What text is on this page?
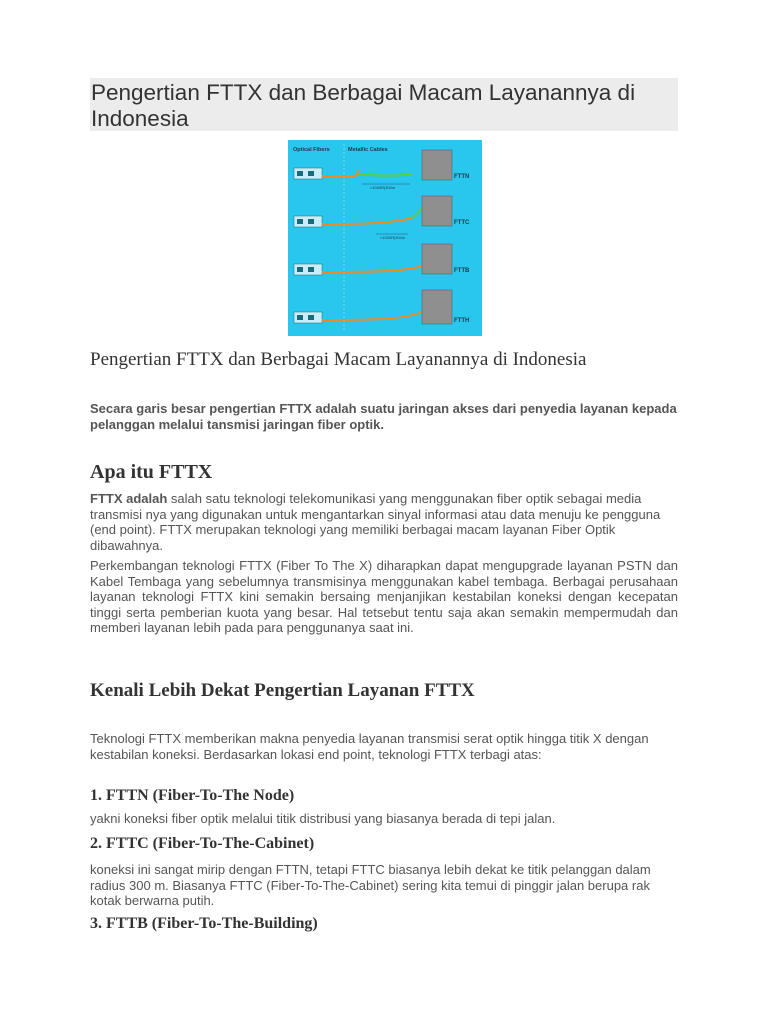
Pengertian FTTX dan Berbagai Macam Layanannya di Indonesia
Optical Fibers	Metallic Cables
>1000R|300m
FTTN
<1000R|300m
FTTC
FTTB
FTTH
Pengertian FTTX dan Berbagai Macam Layanannya di Indonesia

Secara garis besar pengertian FTTX adalah suatu jaringan akses dari penyedia layanan kepada pelanggan melalui tansmisi jaringan fiber optik.

Apa itu FTTX

FTTX adalah salah satu teknologi telekomunikasi yang menggunakan fiber optik sebagai media transmisi nya yang digunakan untuk mengantarkan sinyal informasi atau data menuju ke pengguna (end point). FTTX merupakan teknologi yang memiliki berbagai macam layanan Fiber Optik dibawahnya.

Perkembangan teknologi FTTX (Fiber To The X) diharapkan dapat mengupgrade layanan PSTN dan Kabel Tembaga yang sebelumnya transmisinya menggunakan kabel tembaga. Berbagai perusahaan layanan teknologi FTTX kini semakin bersaing menjanjikan kestabilan koneksi dengan kecepatan tinggi serta pemberian kuota yang besar. Hal tetsebut tentu saja akan semakin mempermudah dan memberi layanan lebih pada para penggunanya saat ini.

Kenali Lebih Dekat Pengertian Layanan FTTX

Teknologi FTTX memberikan makna penyedia layanan transmisi serat optik hingga titik X dengan kestabilan koneksi. Berdasarkan lokasi end point, teknologi FTTX terbagi atas:

1. FTTN (Fiber-To-The Node)

yakni koneksi fiber optik melalui titik distribusi yang biasanya berada di tepi jalan.

2. FTTC (Fiber-To-The-Cabinet)

koneksi ini sangat mirip dengan FTTN, tetapi FTTC biasanya lebih dekat ke titik pelanggan dalam radius 300 m. Biasanya FTTC (Fiber-To-The-Cabinet) sering kita temui di pinggir jalan berupa rak kotak berwarna putih.

3. FTTB (Fiber-To-The-Building)
